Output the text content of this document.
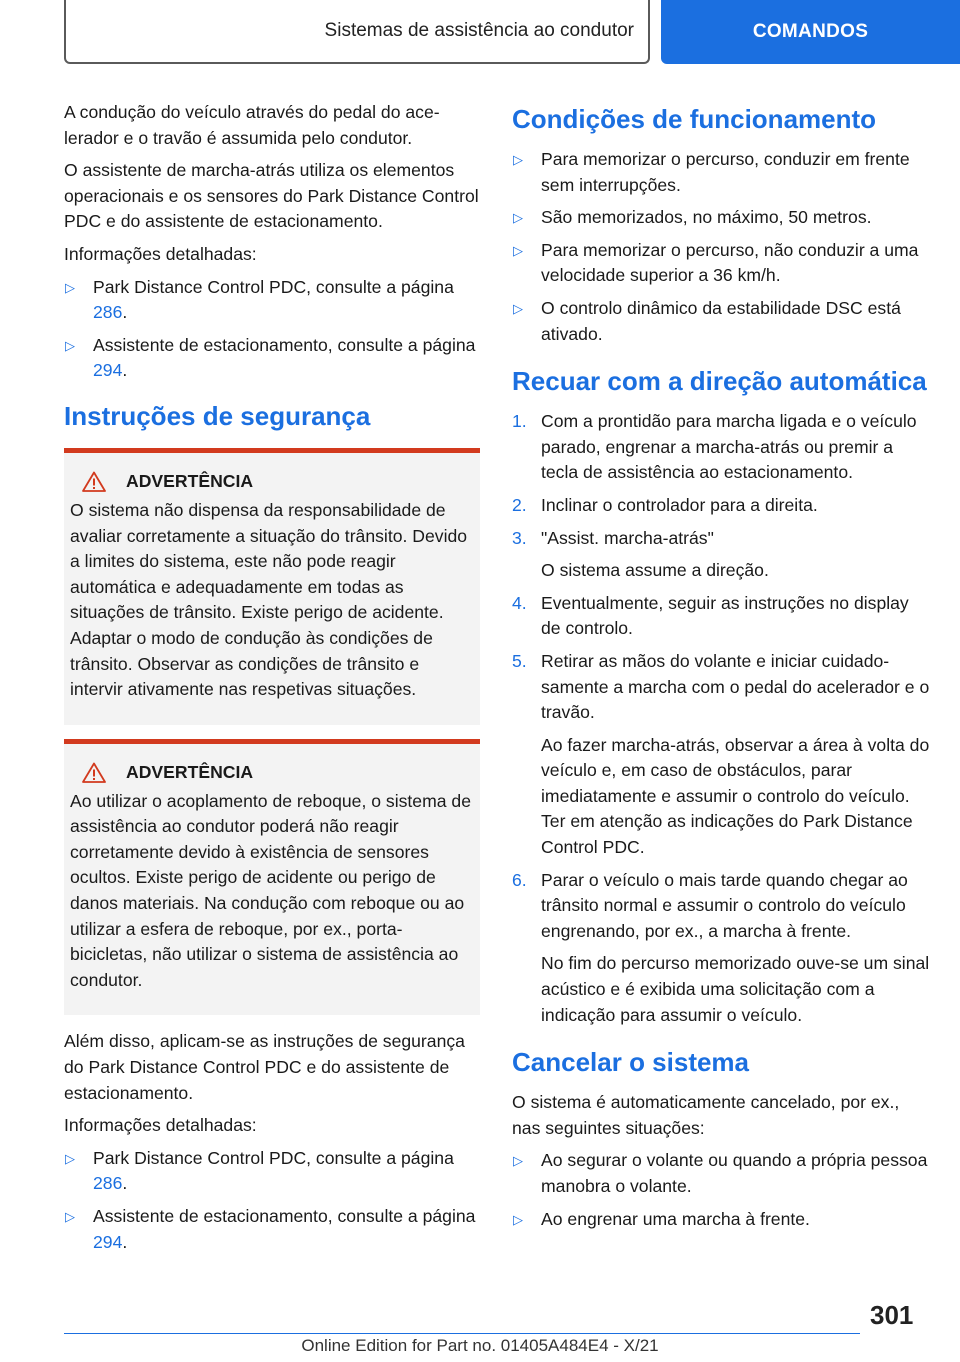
Sistemas de assistência ao condutor	COMANDOS

A condução do veículo através do pedal do acelerador e o travão é assumida pelo condutor.

O assistente de marcha-atrás utiliza os elementos operacionais e os sensores do Park Distance Control PDC e do assistente de estacionamento.

Informações detalhadas:

▷	Park Distance Control PDC, consulte a página 286.
▷	Assistente de estacionamento, consulte a página 294.
Instruções de segurança
ADVERTÊNCIA

O sistema não dispensa da responsabilidade de avaliar corretamente a situação do trânsito. Devido a limites do sistema, este não pode reagir automática e adequadamente em todas as situações de trânsito. Existe perigo de acidente. Adaptar o modo de condução às condições de trânsito. Observar as condições de trânsito e intervir ativamente nas respetivas situações.

ADVERTÊNCIA

Ao utilizar o acoplamento de reboque, o sistema de assistência ao condutor poderá não reagir corretamente devido à existência de sensores ocultos. Existe perigo de acidente ou perigo de danos materiais. Na condução com reboque ou ao utilizar a esfera de reboque, por ex., porta-bicicletas, não utilizar o sistema de assistência ao condutor.

Além disso, aplicam-se as instruções de segurança do Park Distance Control PDC e do assistente de estacionamento.

Informações detalhadas:

▷	Park Distance Control PDC, consulte a página 286.
▷	Assistente de estacionamento, consulte a página 294.
Condições de funcionamento
▷	Para memorizar o percurso, conduzir em frente sem interrupções.
▷	São memorizados, no máximo, 50 metros.
▷	Para memorizar o percurso, não conduzir a uma velocidade superior a 36 km/h.
▷	O controlo dinâmico da estabilidade DSC está ativado.
Recuar com a direção automática
1. Com a prontidão para marcha ligada e o veículo parado, engrenar a marcha-atrás ou premir a tecla de assistência ao estacionamento.
2. Inclinar o controlador para a direita.
3. "Assist. marcha-atrás"

O sistema assume a direção.

4. Eventualmente, seguir as instruções no display de controlo.
5. Retirar as mãos do volante e iniciar cuidadosamente a marcha com o pedal do acelerador e o travão.

Ao fazer marcha-atrás, observar a área à volta do veículo e, em caso de obstáculos, parar imediatamente e assumir o controlo do veículo. Ter em atenção as indicações do Park Distance Control PDC.

6. Parar o veículo o mais tarde quando chegar ao trânsito normal e assumir o controlo do veículo engrenando, por ex., a marcha à frente.

No fim do percurso memorizado ouve-se um sinal acústico e é exibida uma solicitação com a indicação para assumir o veículo.

Cancelar o sistema

O sistema é automaticamente cancelado, por ex., nas seguintes situações:

▷	Ao segurar o volante ou quando a própria pessoa manobra o volante.
▷	Ao engrenar uma marcha à frente.
301
Online Edition for Part no. 01405A484E4 - X/21
